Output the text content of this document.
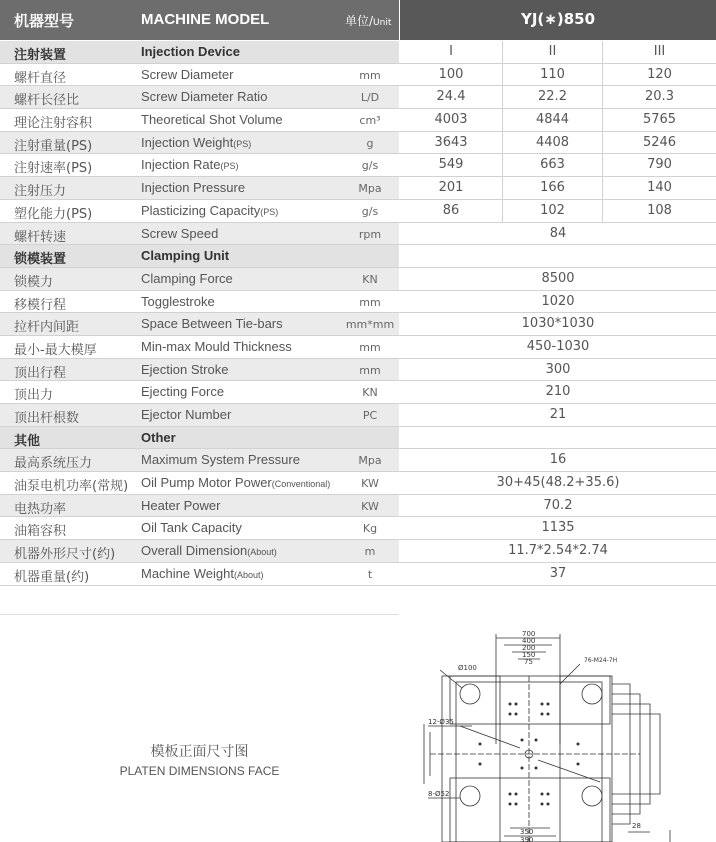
机器型号	MACHINE MODEL	单位/Unit	YJ(∗)850
注射装置	Injection Device	I	II	III
螺杆直径	Screw Diameter	mm	100	110	120
螺杆长径比	Screw Diameter Ratio	L/D	24.4	22.2	20.3
理论注射容积	Theoretical Shot Volume	cm³	4003	4844	5765
注射重量(PS)	Injection Weight(PS)	g	3643	4408	5246
注射速率(PS)	Injection Rate(PS)	g/s	549	663	790
注射压力	Injection Pressure	Mpa	201	166	140
塑化能力(PS)	Plasticizing Capacity(PS)	g/s	86	102	108
螺杆转速	Screw Speed	rpm	84
锁模装置	Clamping Unit
锁模力	Clamping Force	KN	8500
移模行程	Togglestroke	mm	1020
拉杆内间距	Space Between Tie-bars	mm*mm	1030*1030
最小-最大模厚	Min-max Mould Thickness	mm	450-1030
顶出行程	Ejection Stroke	mm	300
顶出力	Ejecting Force	KN	210
顶出杆根数	Ejector Number	PC	21
其他	Other
最高系统压力	Maximum System Pressure	Mpa	16
油泵电机功率(常规) Oil Pump Motor Power(Conventional)	KW	30+45(48.2+35.6)
电热功率	Heater Power	KW	70.2
油箱容积	Oil Tank Capacity	Kg	1135
机器外形尺寸(约) Overall Dimension(About)	m	11.7*2.54*2.74
机器重量(约)	Machine Weight(About)	t	37
模板正面尺寸图
PLATEN DIMENSIONS FACE
700
400
200
150
75	76-M24-7H
Ø100
12-Ø35
8-Ø52
350
28
390
